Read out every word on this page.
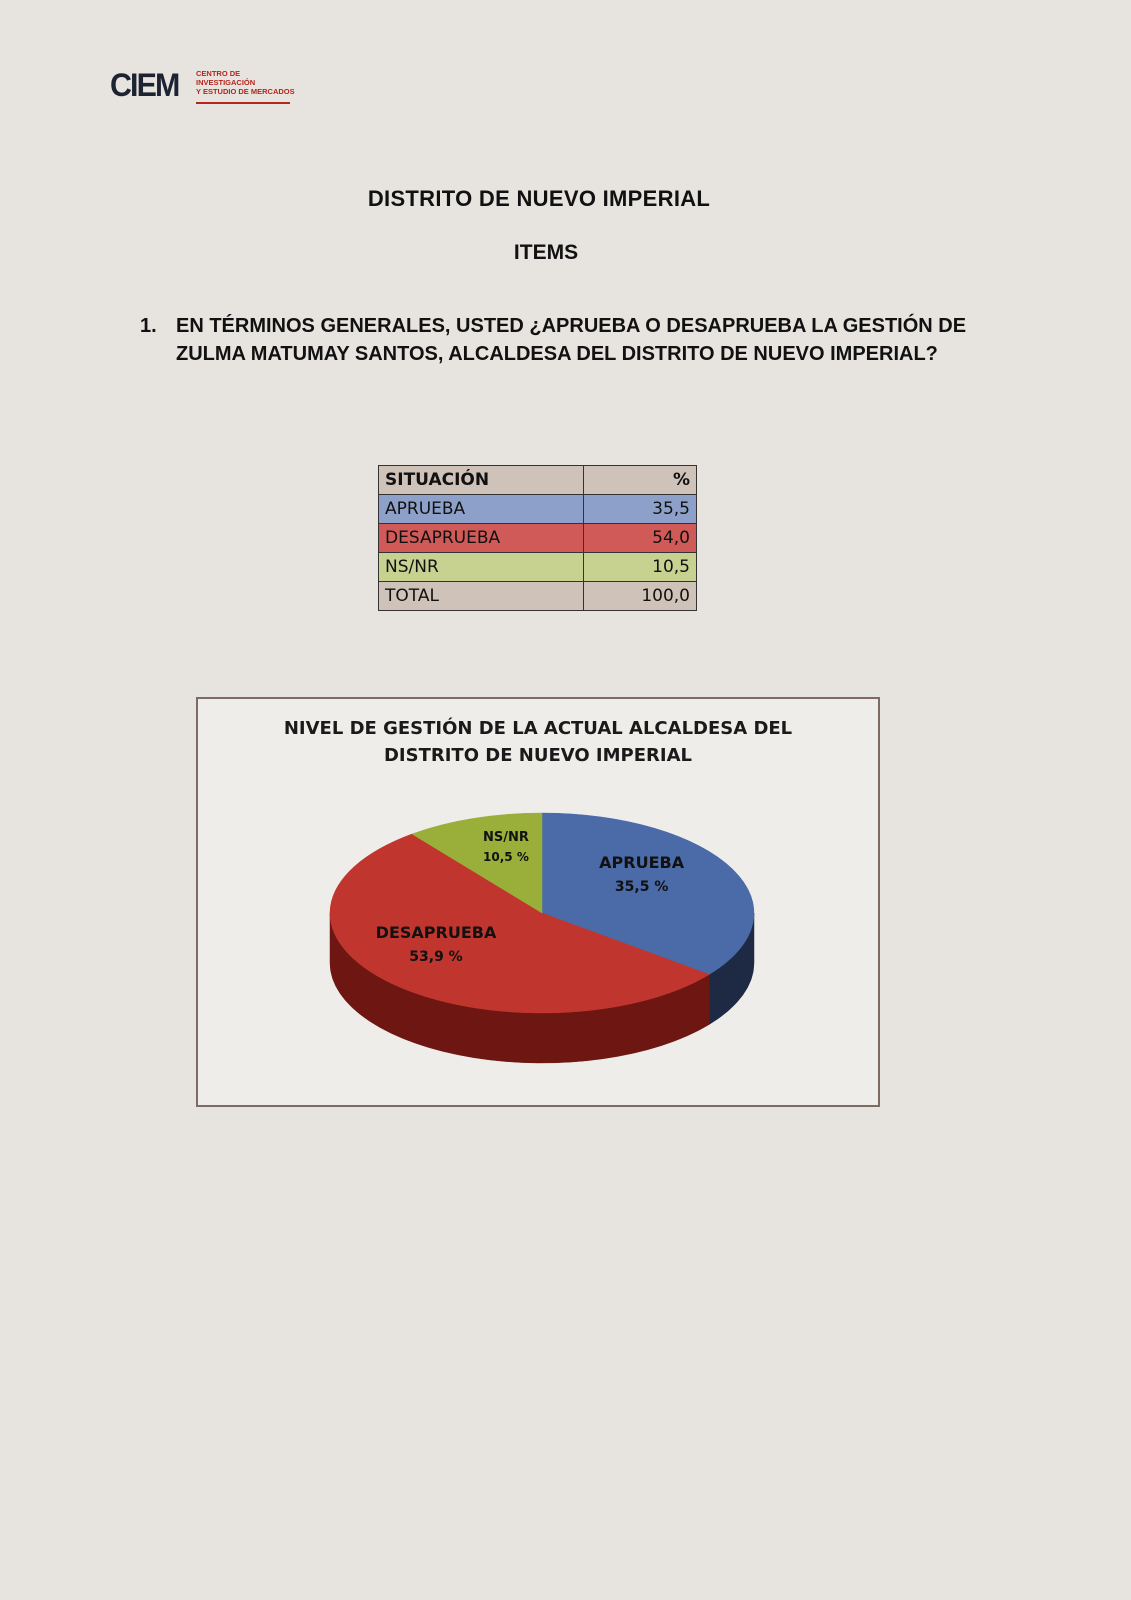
CIEM CENTRO DE
INVESTIGACIÓN
Y ESTUDIO DE MERCADOS
DISTRITO DE NUEVO IMPERIAL
ITEMS
1. EN TÉRMINOS GENERALES, USTED ¿APRUEBA O DESAPRUEBA LA GESTIÓN DE ZULMA MATUMAY SANTOS, ALCALDESA DEL DISTRITO DE NUEVO IMPERIAL?
SITUACIÓN	%
APRUEBA	35,5
DESAPRUEBA	54,0
NS/NR	10,5
TOTAL	100,0
NIVEL DE GESTIÓN DE LA ACTUAL ALCALDESA DEL
DISTRITO DE NUEVO IMPERIAL
APRUEBA
35,5 %
DESAPRUEBA
53,9 %
NS/NR
10,5 %
